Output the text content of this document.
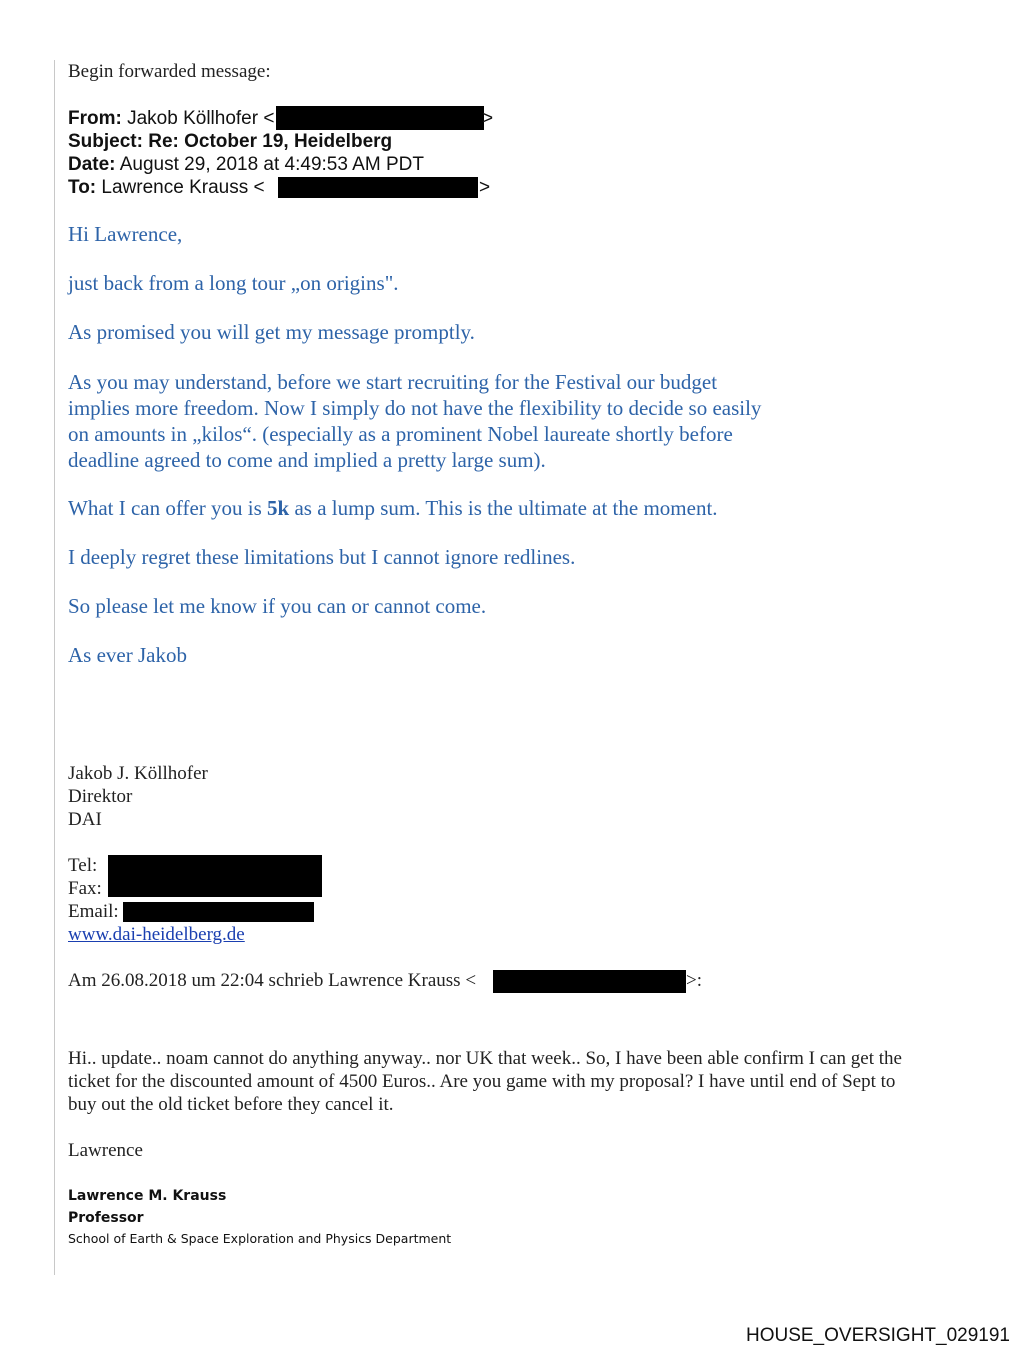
Begin forwarded message:
From: Jakob Köllhofer <	>
Subject: Re: October 19, Heidelberg
Date: August 29, 2018 at 4:49:53 AM PDT
To: Lawrence Krauss <	>
Hi Lawrence,
just back from a long tour „on origins".
As promised you will get my message promptly.
As you may understand, before we start recruiting for the Festival our budget
implies more freedom. Now I simply do not have the flexibility to decide so easily
on amounts in „kilos“. (especially as a prominent Nobel laureate shortly before
deadline agreed to come and implied a pretty large sum).
What I can offer you is 5k as a lump sum. This is the ultimate at the moment.
I deeply regret these limitations but I cannot ignore redlines.
So please let me know if you can or cannot come.
As ever Jakob
Jakob J. Köllhofer
Direktor
DAI
Tel:
Fax:
Email:
www.dai-heidelberg.de
Am 26.08.2018 um 22:04 schrieb Lawrence Krauss <	>:
Hi.. update.. noam cannot do anything anyway.. nor UK that week.. So, I have been able confirm I can get the
ticket for the discounted amount of 4500 Euros.. Are you game with my proposal? I have until end of Sept to
buy out the old ticket before they cancel it.
Lawrence
Lawrence M. Krauss
Professor
School of Earth & Space Exploration and Physics Department
HOUSE_OVERSIGHT_029191
